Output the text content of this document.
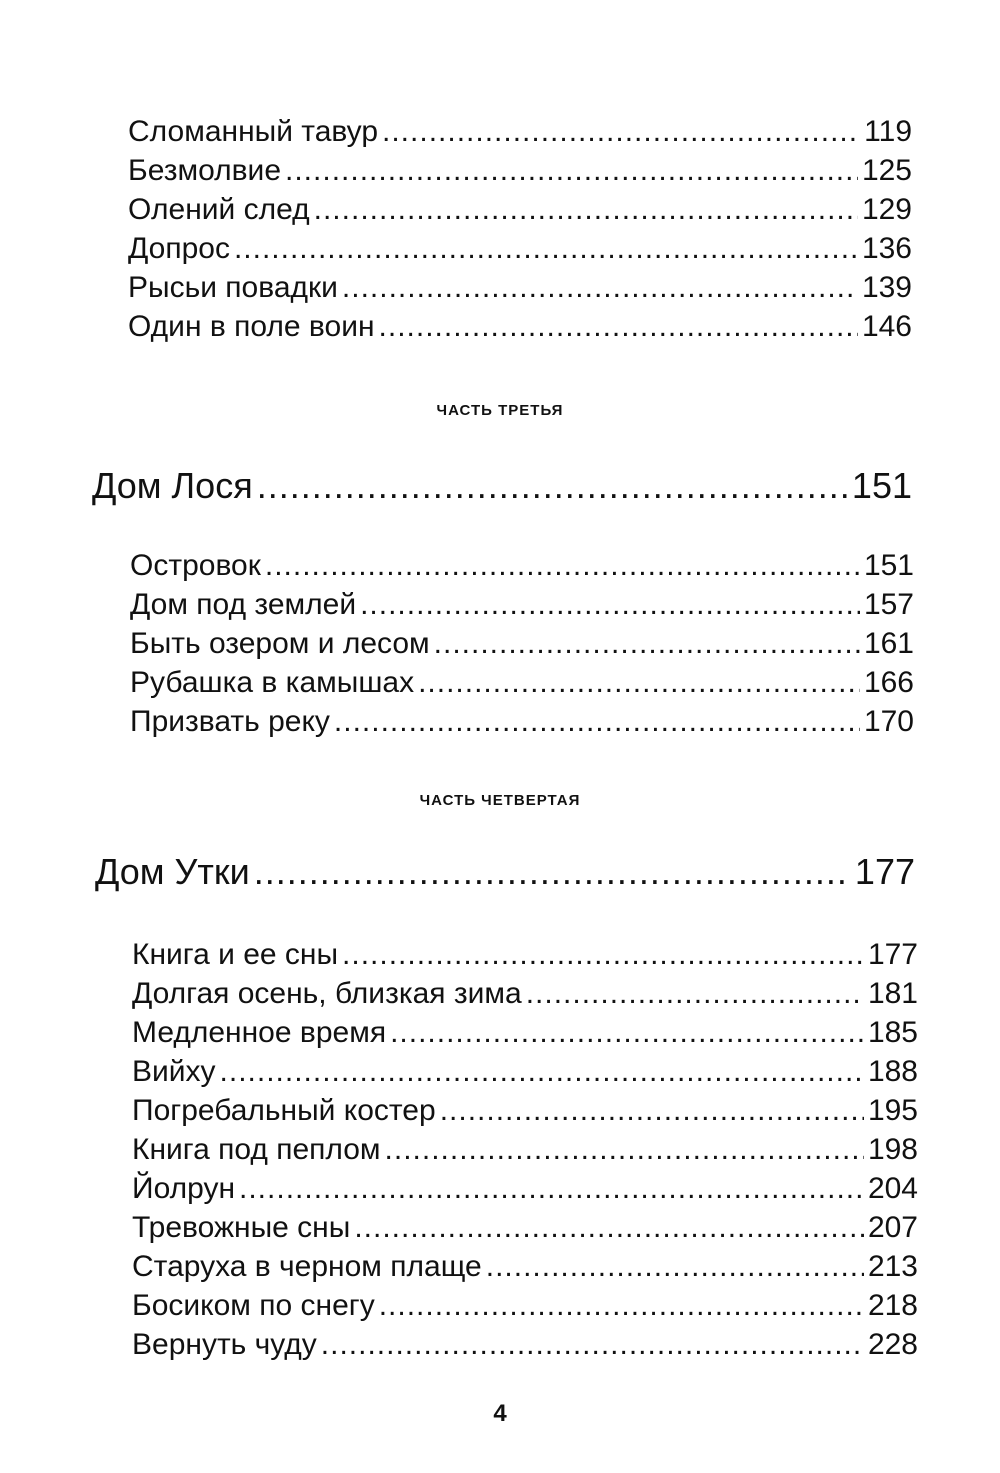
Сломанный тавур .....	119
Безмолвие .....	125
Олений след .....	129
Допрос .....	136
Рысьи повадки .....	139
Один в поле воин .....	146
ЧАСТЬ ТРЕТЬЯ
Дом Лося .....	151
Островок .....	151
Дом под землей .....	157
Быть озером и лесом .....	161
Рубашка в камышах .....	166
Призвать реку .....	170
ЧАСТЬ ЧЕТВЕРТАЯ
Дом Утки .....	177
Книга и ее сны .....	177
Долгая осень, близкая зима .....	181
Медленное время .....	185
Вийху .....	188
Погребальный костер .....	195
Книга под пеплом .....	198
Йолрун .....	204
Тревожные сны .....	207
Старуха в черном плаще .....	213
Босиком по снегу .....	218
Вернуть чуду .....	228
4
